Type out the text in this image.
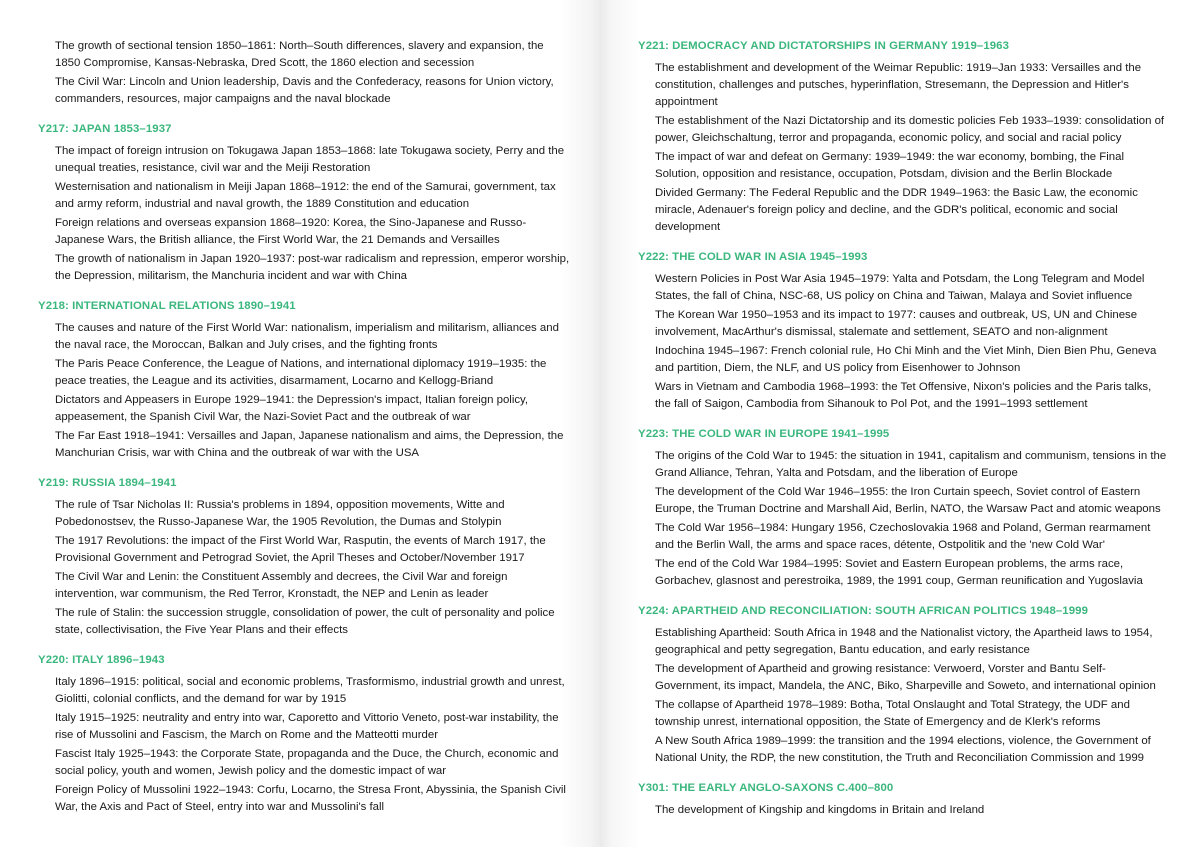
The growth of sectional tension 1850–1861: North–South differences, slavery and expansion, the 1850 Compromise, Kansas-Nebraska, Dred Scott, the 1860 election and secession

The Civil War: Lincoln and Union leadership, Davis and the Confederacy, reasons for Union victory, commanders, resources, major campaigns and the naval blockade

Y217: JAPAN 1853–1937

The impact of foreign intrusion on Tokugawa Japan 1853–1868: late Tokugawa society, Perry and the unequal treaties, resistance, civil war and the Meiji Restoration

Westernisation and nationalism in Meiji Japan 1868–1912: the end of the Samurai, government, tax and army reform, industrial and naval growth, the 1889 Constitution and education

Foreign relations and overseas expansion 1868–1920: Korea, the Sino-Japanese and Russo-Japanese Wars, the British alliance, the First World War, the 21 Demands and Versailles

The growth of nationalism in Japan 1920–1937: post-war radicalism and repression, emperor worship, the Depression, militarism, the Manchuria incident and war with China

Y218: INTERNATIONAL RELATIONS 1890–1941

The causes and nature of the First World War: nationalism, imperialism and militarism, alliances and the naval race, the Moroccan, Balkan and July crises, and the fighting fronts

The Paris Peace Conference, the League of Nations, and international diplomacy 1919–1935: the peace treaties, the League and its activities, disarmament, Locarno and Kellogg-Briand

Dictators and Appeasers in Europe 1929–1941: the Depression's impact, Italian foreign policy, appeasement, the Spanish Civil War, the Nazi-Soviet Pact and the outbreak of war

The Far East 1918–1941: Versailles and Japan, Japanese nationalism and aims, the Depression, the Manchurian Crisis, war with China and the outbreak of war with the USA

Y219: RUSSIA 1894–1941

The rule of Tsar Nicholas II: Russia's problems in 1894, opposition movements, Witte and Pobedonostsev, the Russo-Japanese War, the 1905 Revolution, the Dumas and Stolypin

The 1917 Revolutions: the impact of the First World War, Rasputin, the events of March 1917, the Provisional Government and Petrograd Soviet, the April Theses and October/November 1917

The Civil War and Lenin: the Constituent Assembly and decrees, the Civil War and foreign intervention, war communism, the Red Terror, Kronstadt, the NEP and Lenin as leader

The rule of Stalin: the succession struggle, consolidation of power, the cult of personality and police state, collectivisation, the Five Year Plans and their effects

Y220: ITALY 1896–1943

Italy 1896–1915: political, social and economic problems, Trasformismo, industrial growth and unrest, Giolitti, colonial conflicts, and the demand for war by 1915

Italy 1915–1925: neutrality and entry into war, Caporetto and Vittorio Veneto, post-war instability, the rise of Mussolini and Fascism, the March on Rome and the Matteotti murder

Fascist Italy 1925–1943: the Corporate State, propaganda and the Duce, the Church, economic and social policy, youth and women, Jewish policy and the domestic impact of war

Foreign Policy of Mussolini 1922–1943: Corfu, Locarno, the Stresa Front, Abyssinia, the Spanish Civil War, the Axis and Pact of Steel, entry into war and Mussolini's fall

Y221: DEMOCRACY AND DICTATORSHIPS IN GERMANY 1919–1963

The establishment and development of the Weimar Republic: 1919–Jan 1933: Versailles and the constitution, challenges and putsches, hyperinflation, Stresemann, the Depression and Hitler's appointment

The establishment of the Nazi Dictatorship and its domestic policies Feb 1933–1939: consolidation of power, Gleichschaltung, terror and propaganda, economic policy, and social and racial policy

The impact of war and defeat on Germany: 1939–1949: the war economy, bombing, the Final Solution, opposition and resistance, occupation, Potsdam, division and the Berlin Blockade

Divided Germany: The Federal Republic and the DDR 1949–1963: the Basic Law, the economic miracle, Adenauer's foreign policy and decline, and the GDR's political, economic and social development

Y222: THE COLD WAR IN ASIA 1945–1993

Western Policies in Post War Asia 1945–1979: Yalta and Potsdam, the Long Telegram and Model States, the fall of China, NSC-68, US policy on China and Taiwan, Malaya and Soviet influence

The Korean War 1950–1953 and its impact to 1977: causes and outbreak, US, UN and Chinese involvement, MacArthur's dismissal, stalemate and settlement, SEATO and non-alignment

Indochina 1945–1967: French colonial rule, Ho Chi Minh and the Viet Minh, Dien Bien Phu, Geneva and partition, Diem, the NLF, and US policy from Eisenhower to Johnson

Wars in Vietnam and Cambodia 1968–1993: the Tet Offensive, Nixon's policies and the Paris talks, the fall of Saigon, Cambodia from Sihanouk to Pol Pot, and the 1991–1993 settlement

Y223: THE COLD WAR IN EUROPE 1941–1995

The origins of the Cold War to 1945: the situation in 1941, capitalism and communism, tensions in the Grand Alliance, Tehran, Yalta and Potsdam, and the liberation of Europe

The development of the Cold War 1946–1955: the Iron Curtain speech, Soviet control of Eastern Europe, the Truman Doctrine and Marshall Aid, Berlin, NATO, the Warsaw Pact and atomic weapons

The Cold War 1956–1984: Hungary 1956, Czechoslovakia 1968 and Poland, German rearmament and the Berlin Wall, the arms and space races, détente, Ostpolitik and the 'new Cold War'

The end of the Cold War 1984–1995: Soviet and Eastern European problems, the arms race, Gorbachev, glasnost and perestroika, 1989, the 1991 coup, German reunification and Yugoslavia

Y224: APARTHEID AND RECONCILIATION: SOUTH AFRICAN POLITICS 1948–1999

Establishing Apartheid: South Africa in 1948 and the Nationalist victory, the Apartheid laws to 1954, geographical and petty segregation, Bantu education, and early resistance

The development of Apartheid and growing resistance: Verwoerd, Vorster and Bantu Self-Government, its impact, Mandela, the ANC, Biko, Sharpeville and Soweto, and international opinion

The collapse of Apartheid 1978–1989: Botha, Total Onslaught and Total Strategy, the UDF and township unrest, international opposition, the State of Emergency and de Klerk's reforms

A New South Africa 1989–1999: the transition and the 1994 elections, violence, the Government of National Unity, the RDP, the new constitution, the Truth and Reconciliation Commission and 1999

Y301: THE EARLY ANGLO-SAXONS C.400–800

The development of Kingship and kingdoms in Britain and Ireland
